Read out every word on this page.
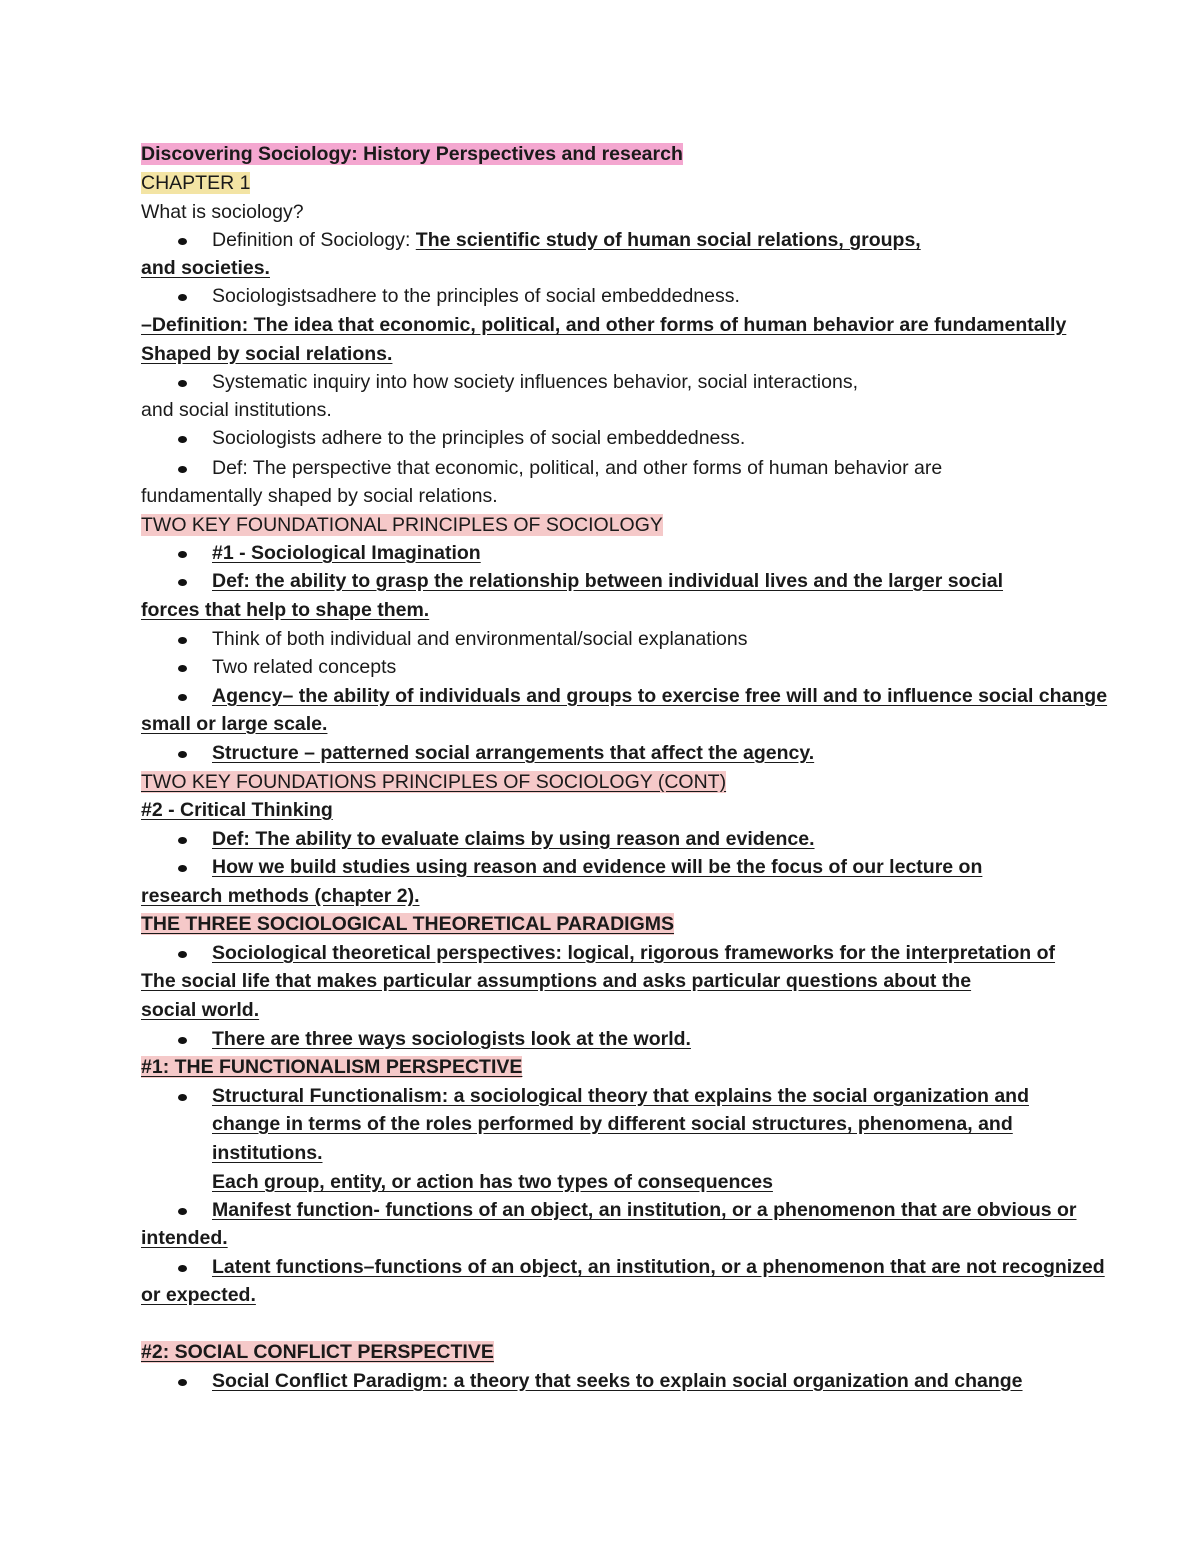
Discovering Sociology: History Perspectives and research
CHAPTER 1
What is sociology?
Definition of Sociology: The scientific study of human social relations, groups,
and societies.
Sociologistsadhere to the principles of social embeddedness.
–Definition: The idea that economic, political, and other forms of human behavior are fundamentally
Shaped by social relations.
Systematic inquiry into how society influences behavior, social interactions,
and social institutions.
Sociologists adhere to the principles of social embeddedness.
Def: The perspective that economic, political, and other forms of human behavior are
fundamentally shaped by social relations.
TWO KEY FOUNDATIONAL PRINCIPLES OF SOCIOLOGY
#1 - Sociological Imagination
Def: the ability to grasp the relationship between individual lives and the larger social
forces that help to shape them.
Think of both individual and environmental/social explanations
Two related concepts
Agency– the ability of individuals and groups to exercise free will and to influence social change
small or large scale.
Structure – patterned social arrangements that affect the agency.
TWO KEY FOUNDATIONS PRINCIPLES OF SOCIOLOGY (CONT)
#2 - Critical Thinking
Def: The ability to evaluate claims by using reason and evidence.
How we build studies using reason and evidence will be the focus of our lecture on
research methods (chapter 2).
THE THREE SOCIOLOGICAL THEORETICAL PARADIGMS
Sociological theoretical perspectives: logical, rigorous frameworks for the interpretation of
The social life that makes particular assumptions and asks particular questions about the
social world.
There are three ways sociologists look at the world.
#1: THE FUNCTIONALISM PERSPECTIVE
Structural Functionalism: a sociological theory that explains the social organization and
change in terms of the roles performed by different social structures, phenomena, and
institutions.
Each group, entity, or action has two types of consequences
Manifest function- functions of an object, an institution, or a phenomenon that are obvious or
intended.
Latent functions–functions of an object, an institution, or a phenomenon that are not recognized
or expected.
#2: SOCIAL CONFLICT PERSPECTIVE
Social Conflict Paradigm: a theory that seeks to explain social organization and change
